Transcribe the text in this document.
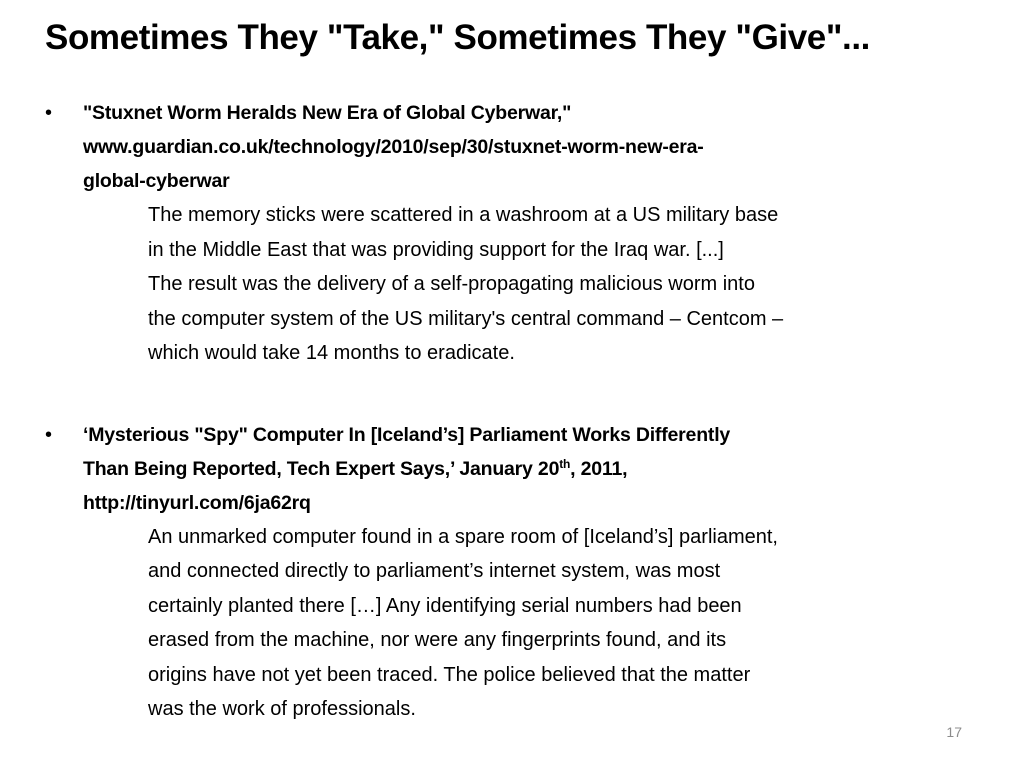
Sometimes They "Take," Sometimes They "Give"...
• "Stuxnet Worm Heralds New Era of Global Cyberwar,"
www.guardian.co.uk/technology/2010/sep/30/stuxnet-worm-new-era-
global-cyberwar
The memory sticks were scattered in a washroom at a US military base
in the Middle East that was providing support for the Iraq war. [...]
The result was the delivery of a self-propagating malicious worm into
the computer system of the US military's central command – Centcom –
which would take 14 months to eradicate.
• ‘Mysterious "Spy" Computer In [Iceland’s] Parliament Works Differently
Than Being Reported, Tech Expert Says,’ January 20th, 2011,
http://tinyurl.com/6ja62rq
An unmarked computer found in a spare room of [Iceland’s] parliament,
and connected directly to parliament’s internet system, was most
certainly planted there […] Any identifying serial numbers had been
erased from the machine, nor were any fingerprints found, and its
origins have not yet been traced. The police believed that the matter
was the work of professionals.
17
